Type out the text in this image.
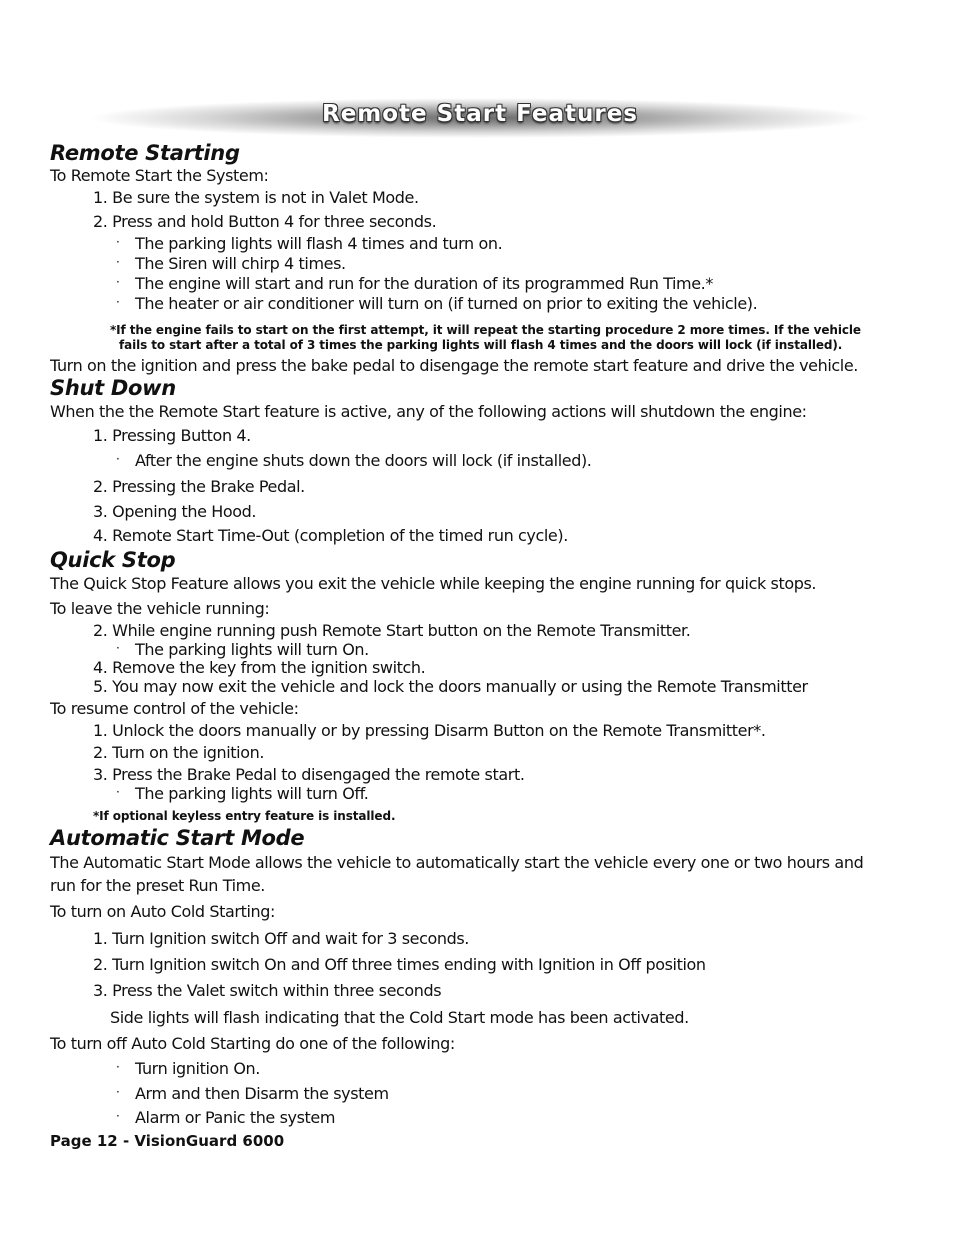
Remote Start Features
Remote Starting
To Remote Start the System:
1. Be sure the system is not in Valet Mode.
2. Press and hold Button 4 for three seconds.
· The parking lights will flash 4 times and turn on.
· The Siren will chirp 4 times.
· The engine will start and run for the duration of its programmed Run Time.*
· The heater or air conditioner will turn on (if turned on prior to exiting the vehicle).
*If the engine fails to start on the first attempt, it will repeat the starting procedure 2 more times. If the vehicle
fails to start after a total of 3 times the parking lights will flash 4 times and the doors will lock (if installed).
Turn on the ignition and press the bake pedal to disengage the remote start feature and drive the vehicle.
Shut Down
When the the Remote Start feature is active, any of the following actions will shutdown the engine:
1. Pressing Button 4.
· After the engine shuts down the doors will lock (if installed).
2. Pressing the Brake Pedal.
3. Opening the Hood.
4. Remote Start Time-Out (completion of the timed run cycle).
Quick Stop
The Quick Stop Feature allows you exit the vehicle while keeping the engine running for quick stops.
To leave the vehicle running:
2. While engine running push Remote Start button on the Remote Transmitter.
· The parking lights will turn On.
4. Remove the key from the ignition switch.
5. You may now exit the vehicle and lock the doors manually or using the Remote Transmitter
To resume control of the vehicle:
1. Unlock the doors manually or by pressing Disarm Button on the Remote Transmitter*.
2. Turn on the ignition.
3. Press the Brake Pedal to disengaged the remote start.
· The parking lights will turn Off.
*If optional keyless entry feature is installed.
Automatic Start Mode
The Automatic Start Mode allows the vehicle to automatically start the vehicle every one or two hours and
run for the preset Run Time.
To turn on Auto Cold Starting:
1. Turn Ignition switch Off and wait for 3 seconds.
2. Turn Ignition switch On and Off three times ending with Ignition in Off position
3. Press the Valet switch within three seconds
Side lights will flash indicating that the Cold Start mode has been activated.
To turn off Auto Cold Starting do one of the following:
· Turn ignition On.
· Arm and then Disarm the system
· Alarm or Panic the system
Page 12 - VisionGuard 6000
